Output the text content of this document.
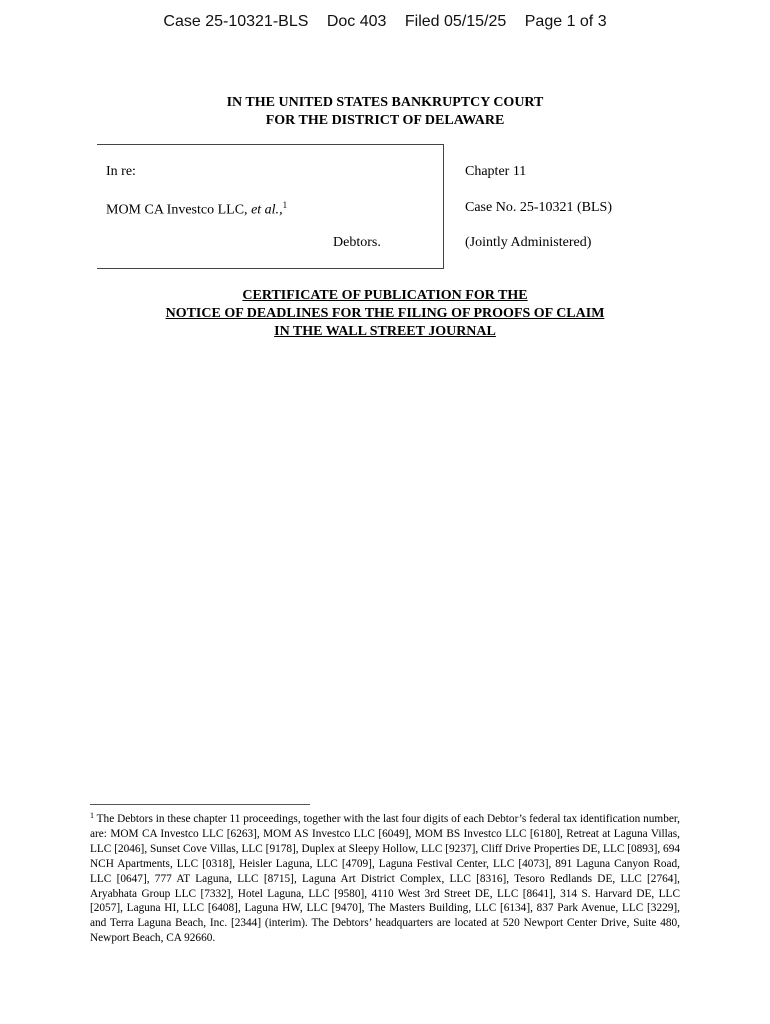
Case 25-10321-BLS Doc 403 Filed 05/15/25 Page 1 of 3
IN THE UNITED STATES BANKRUPTCY COURT
FOR THE DISTRICT OF DELAWARE
In re:
MOM CA Investco LLC, et al.,$^1$
Debtors.
Chapter 11
Case No. 25-10321 (BLS)
(Jointly Administered)
CERTIFICATE OF PUBLICATION FOR THE
NOTICE OF DEADLINES FOR THE FILING OF PROOFS OF CLAIM
IN THE WALL STREET JOURNAL
$^1$ The Debtors in these chapter 11 proceedings, together with the last four digits of each Debtor’s federal tax identification number, are: MOM CA Investco LLC [6263], MOM AS Investco LLC [6049], MOM BS Investco LLC [6180], Retreat at Laguna Villas, LLC [2046], Sunset Cove Villas, LLC [9178], Duplex at Sleepy Hollow, LLC [9237], Cliff Drive Properties DE, LLC [0893], 694 NCH Apartments, LLC [0318], Heisler Laguna, LLC [4709], Laguna Festival Center, LLC [4073], 891 Laguna Canyon Road, LLC [0647], 777 AT Laguna, LLC [8715], Laguna Art District Complex, LLC [8316], Tesoro Redlands DE, LLC [2764], Aryabhata Group LLC [7332], Hotel Laguna, LLC [9580], 4110 West 3rd Street DE, LLC [8641], 314 S. Harvard DE, LLC [2057], Laguna HI, LLC [6408], Laguna HW, LLC [9470], The Masters Building, LLC [6134], 837 Park Avenue, LLC [3229], and Terra Laguna Beach, Inc. [2344] (interim). The Debtors’ headquarters are located at 520 Newport Center Drive, Suite 480, Newport Beach, CA 92660.
